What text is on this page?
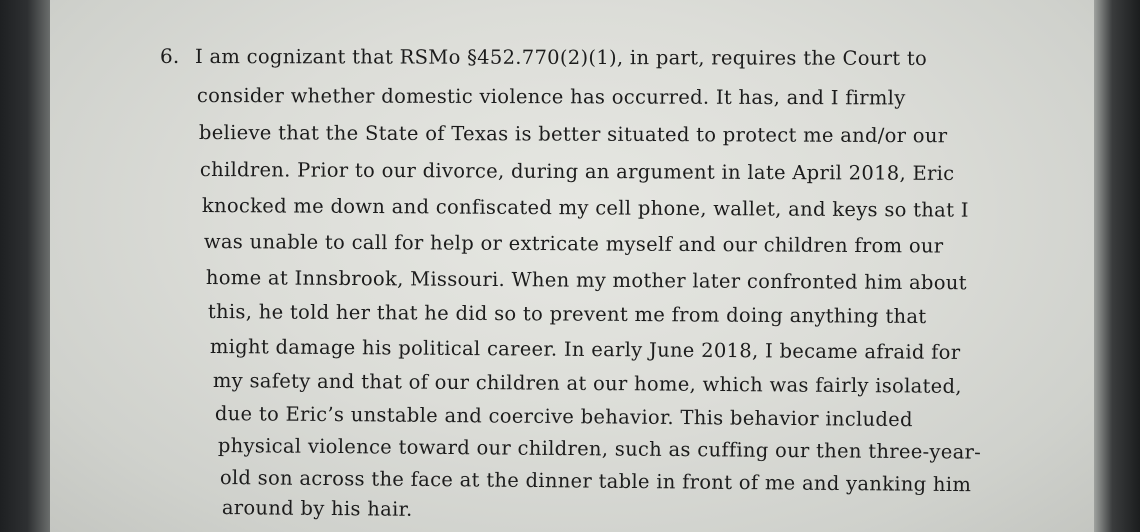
6. I am cognizant that RSMo §452.770(2)(1), in part, requires the Court to
consider whether domestic violence has occurred. It has, and I firmly
believe that the State of Texas is better situated to protect me and/or our
children. Prior to our divorce, during an argument in late April 2018, Eric
knocked me down and confiscated my cell phone, wallet, and keys so that I
was unable to call for help or extricate myself and our children from our
home at Innsbrook, Missouri. When my mother later confronted him about
this, he told her that he did so to prevent me from doing anything that
might damage his political career. In early June 2018, I became afraid for
my safety and that of our children at our home, which was fairly isolated,
due to Eric’s unstable and coercive behavior. This behavior included
physical violence toward our children, such as cuffing our then three-year-
old son across the face at the dinner table in front of me and yanking him
around by his hair.
